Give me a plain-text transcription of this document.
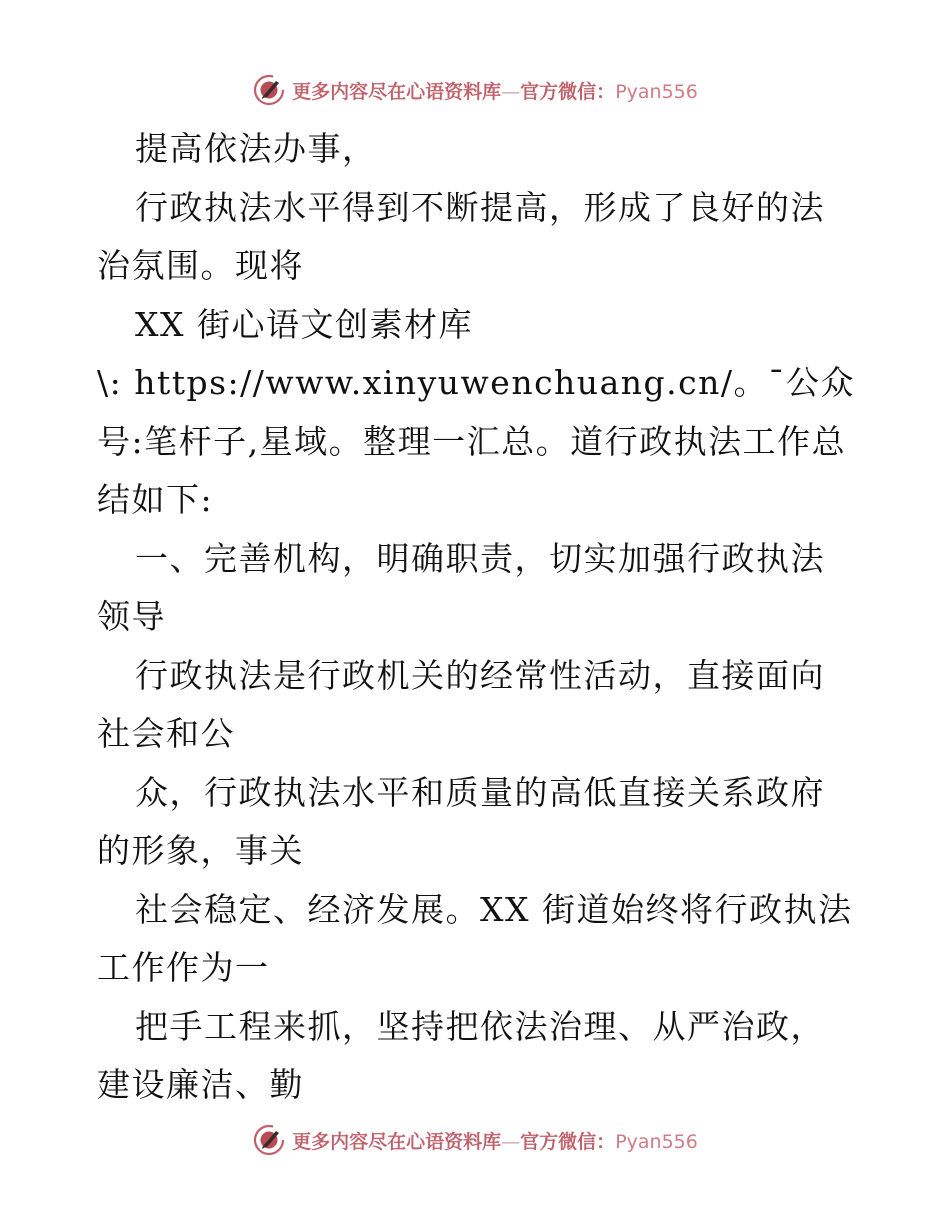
更多内容尽在心语资料库—官方微信：Pyan556

提高依法办事，

行政执法水平得到不断提高，形成了良好的法治氛围。现将

XX 街心语文创素材库

\: https://www.xinyuwenchuang.cn/。¯公众号:笔杆子,星域。整理一汇总。道行政执法工作总结如下:

一、完善机构，明确职责，切实加强行政执法领导

行政执法是行政机关的经常性活动，直接面向社会和公

众，行政执法水平和质量的高低直接关系政府的形象，事关

社会稳定、经济发展。XX 街道始终将行政执法工作作为一

把手工程来抓，坚持把依法治理、从严治政，建设廉洁、勤

更多内容尽在心语资料库—官方微信：Pyan556
